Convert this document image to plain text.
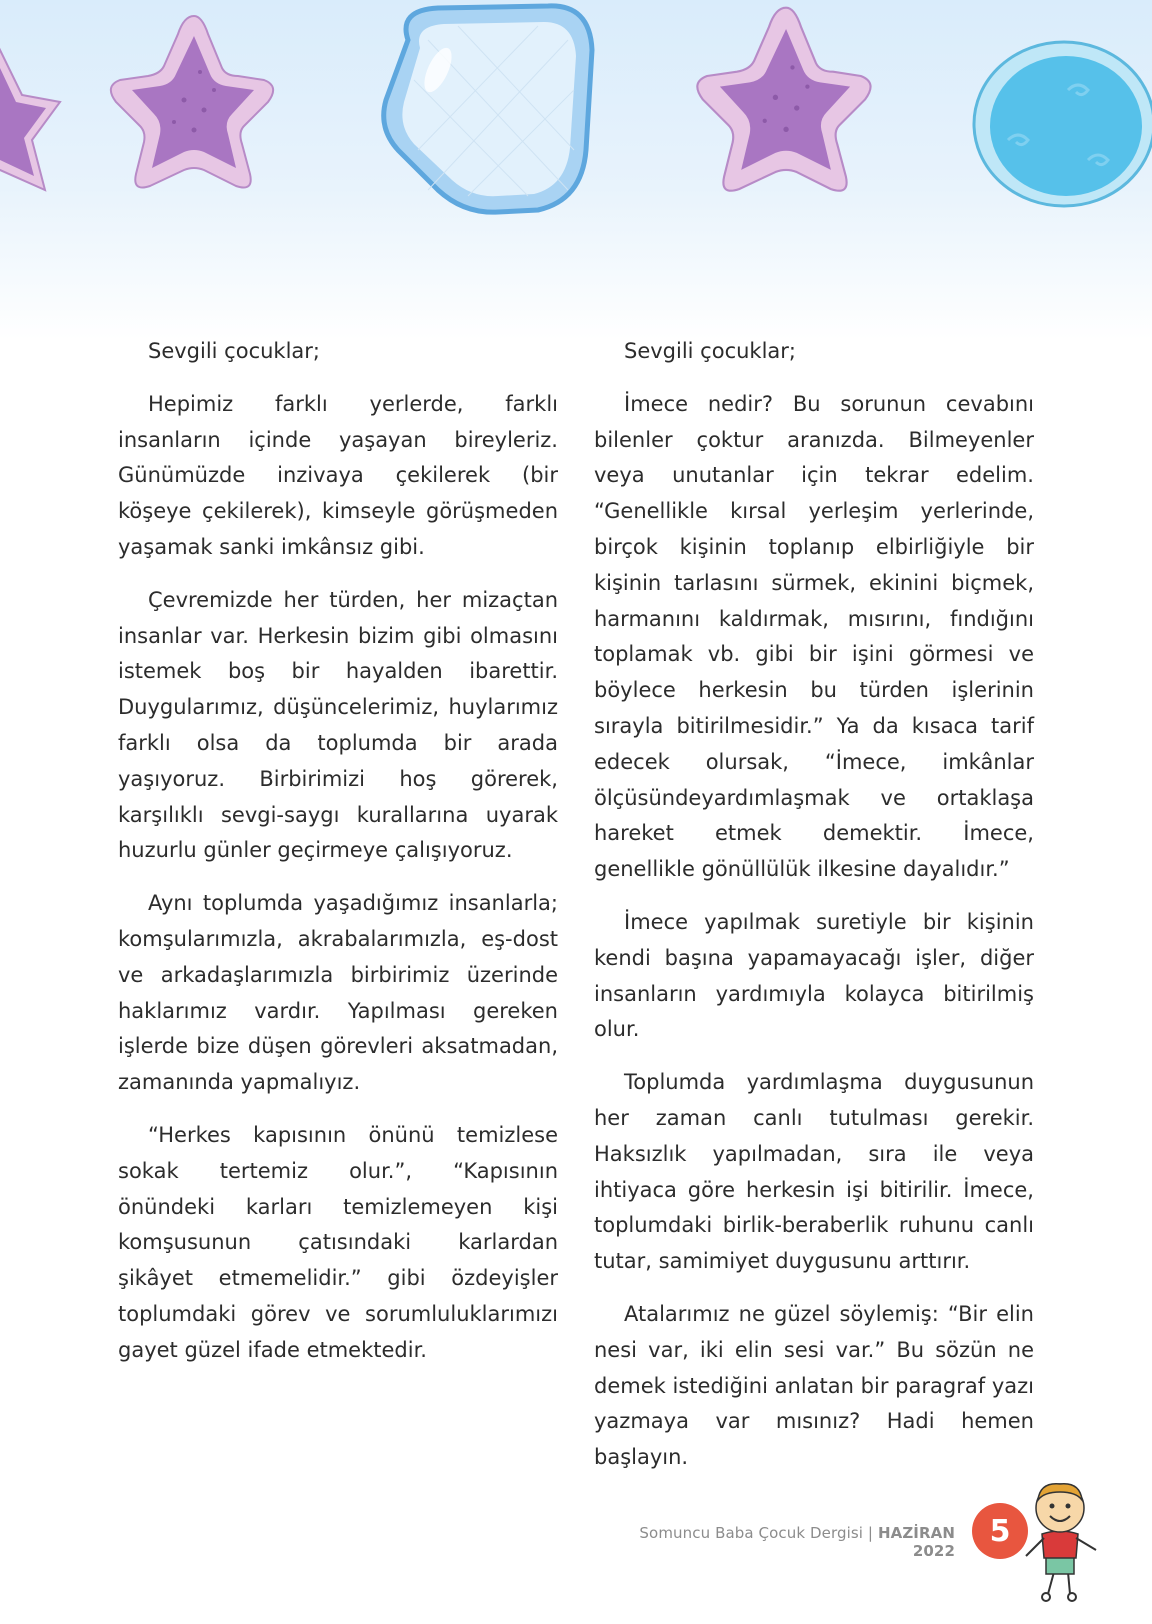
Sevgili çocuklar;

Hepimiz farklı yerlerde, farklı insanların içinde yaşayan bireyleriz. Günümüzde inzivaya çekilerek (bir köşeye çekilerek), kimseyle görüşmeden yaşamak sanki imkânsız gibi.

Çevremizde her türden, her mizaçtan insanlar var. Herkesin bizim gibi olmasını istemek boş bir hayalden ibarettir. Duygularımız, düşüncelerimiz, huylarımız farklı olsa da toplumda bir arada yaşıyoruz. Birbirimizi hoş görerek, karşılıklı sevgi-saygı kurallarına uyarak huzurlu günler geçirmeye çalışıyoruz.

Aynı toplumda yaşadığımız insanlarla; komşularımızla, akrabalarımızla, eş-dost ve arkadaşlarımızla birbirimiz üzerinde haklarımız vardır. Yapılması gereken işlerde bize düşen görevleri aksatmadan, zamanında yapmalıyız.

“Herkes kapısının önünü temizlese sokak tertemiz olur.”, “Kapısının önündeki karları temizlemeyen kişi komşusunun çatısındaki karlardan şikâyet etmemelidir.” gibi özdeyişler toplumdaki görev ve sorumluluklarımızı gayet güzel ifade etmektedir.

Sevgili çocuklar;

İmece nedir? Bu sorunun cevabını bilenler çoktur aranızda. Bilmeyenler veya unutanlar için tekrar edelim. “Genellikle kırsal yerleşim yerlerinde, birçok kişinin toplanıp elbirliğiyle bir kişinin tarlasını sürmek, ekinini biçmek, harmanını kaldırmak, mısırını, fındığını toplamak vb. gibi bir işini görmesi ve böylece herkesin bu türden işlerinin sırayla bitirilmesidir.” Ya da kısaca tarif edecek olursak, “İmece, imkânlar ölçüsündeyardımlaşmak ve ortaklaşa hareket etmek demektir. İmece, genellikle gönüllülük ilkesine dayalıdır.”

İmece yapılmak suretiyle bir kişinin kendi başına yapamayacağı işler, diğer insanların yardımıyla kolayca bitirilmiş olur.

Toplumda yardımlaşma duygusunun her zaman canlı tutulması gerekir. Haksızlık yapılmadan, sıra ile veya ihtiyaca göre herkesin işi bitirilir. İmece, toplumdaki birlik-beraberlik ruhunu canlı tutar, samimiyet duygusunu arttırır.

Atalarımız ne güzel söylemiş: “Bir elin nesi var, iki elin sesi var.” Bu sözün ne demek istediğini anlatan bir paragraf yazı yazmaya var mısınız? Hadi hemen başlayın.

Somuncu Baba Çocuk Dergisi | HAZİRAN 2022
5
